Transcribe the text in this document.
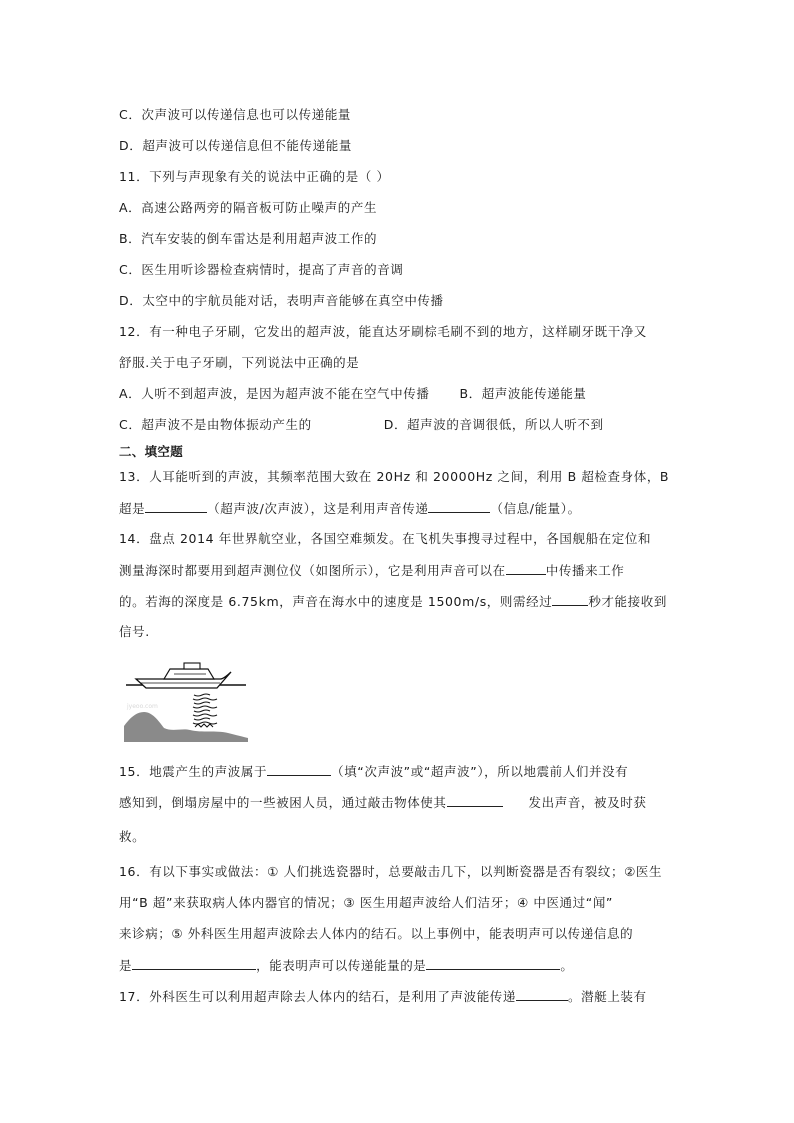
C．次声波可以传递信息也可以传递能量
D．超声波可以传递信息但不能传递能量
11．下列与声现象有关的说法中正确的是（ ）
A．高速公路两旁的隔音板可防止噪声的产生
B．汽车安装的倒车雷达是利用超声波工作的
C．医生用听诊器检查病情时，提高了声音的音调
D．太空中的宇航员能对话，表明声音能够在真空中传播
12．有一种电子牙刷，它发出的超声波，能直达牙刷棕毛刷不到的地方，这样刷牙既干净又
舒服.关于电子牙刷，下列说法中正确的是
A．人听不到超声波，是因为超声波不能在空气中传播 B．超声波能传递能量
C．超声波不是由物体振动产生的	D．超声波的音调很低，所以人听不到
二、填空题
13．人耳能听到的声波，其频率范围大致在 20Hz 和 20000Hz 之间，利用 B 超检查身体，B
超是	（超声波/次声波），这是利用声音传递	（信息/能量）。
14．盘点 2014 年世界航空业，各国空难频发。在飞机失事搜寻过程中，各国舰船在定位和
测量海深时都要用到超声测位仪（如图所示），它是利用声音可以在	中传播来工作
的。若海的深度是 6.75km，声音在海水中的速度是 1500m/s，则需经过	秒才能接收到
信号.
jyeoo.com
15．地震产生的声波属于	（填“次声波”或“超声波”），所以地震前人们并没有
感知到，倒塌房屋中的一些被困人员，通过敲击物体使其	发出声音，被及时获
救。
16．有以下事实或做法：① 人们挑选瓷器时，总要敲击几下，以判断瓷器是否有裂纹；②医生
用“B 超”来获取病人体内器官的情况；③ 医生用超声波给人们洁牙；④ 中医通过“闻”
来诊病；⑤ 外科医生用超声波除去人体内的结石。以上事例中，能表明声可以传递信息的
是	，能表明声可以传递能量的是	。
17．外科医生可以利用超声除去人体内的结石，是利用了声波能传递	。潜艇上装有
